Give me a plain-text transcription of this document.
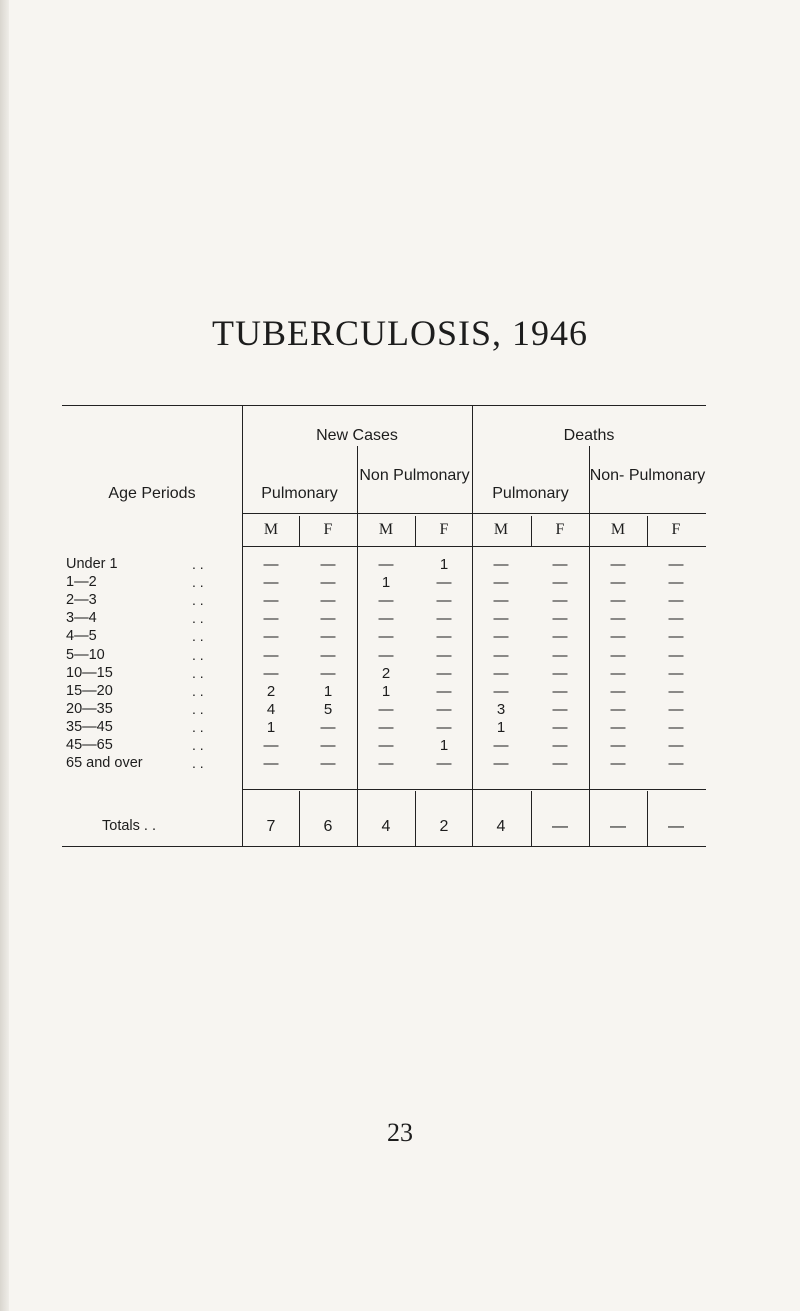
TUBERCULOSIS, 1946
Age Periods
New Cases	Deaths
Pulmonary
Non Pulmonary
Pulmonary
Non- Pulmonary
M	F	M	F	M	F	M	F
Under 1	. .	—	—	—	1	—	—	—	—
1—2	. .	—	—	1	—	—	—	—	—
2—3	. .	—	—	—	—	—	—	—	—
3—4	. .	—	—	—	—	—	—	—	—
4—5	. .	—	—	—	—	—	—	—	—
5—10	. .	—	—	—	—	—	—	—	—
10—15	. .	—	—	2	—	—	—	—	—
15—20	. .	2	1	1	—	—	—	—	—
20—35	. .	4	5	—	—	3	—	—	—
35—45	. .	1	—	—	—	1	—	—	—
45—65	. .	—	—	—	1	—	—	—	—
65 and over	. .	—	—	—	—	—	—	—	—
Totals . .	7	6	4	2	4	—	—	—
23
